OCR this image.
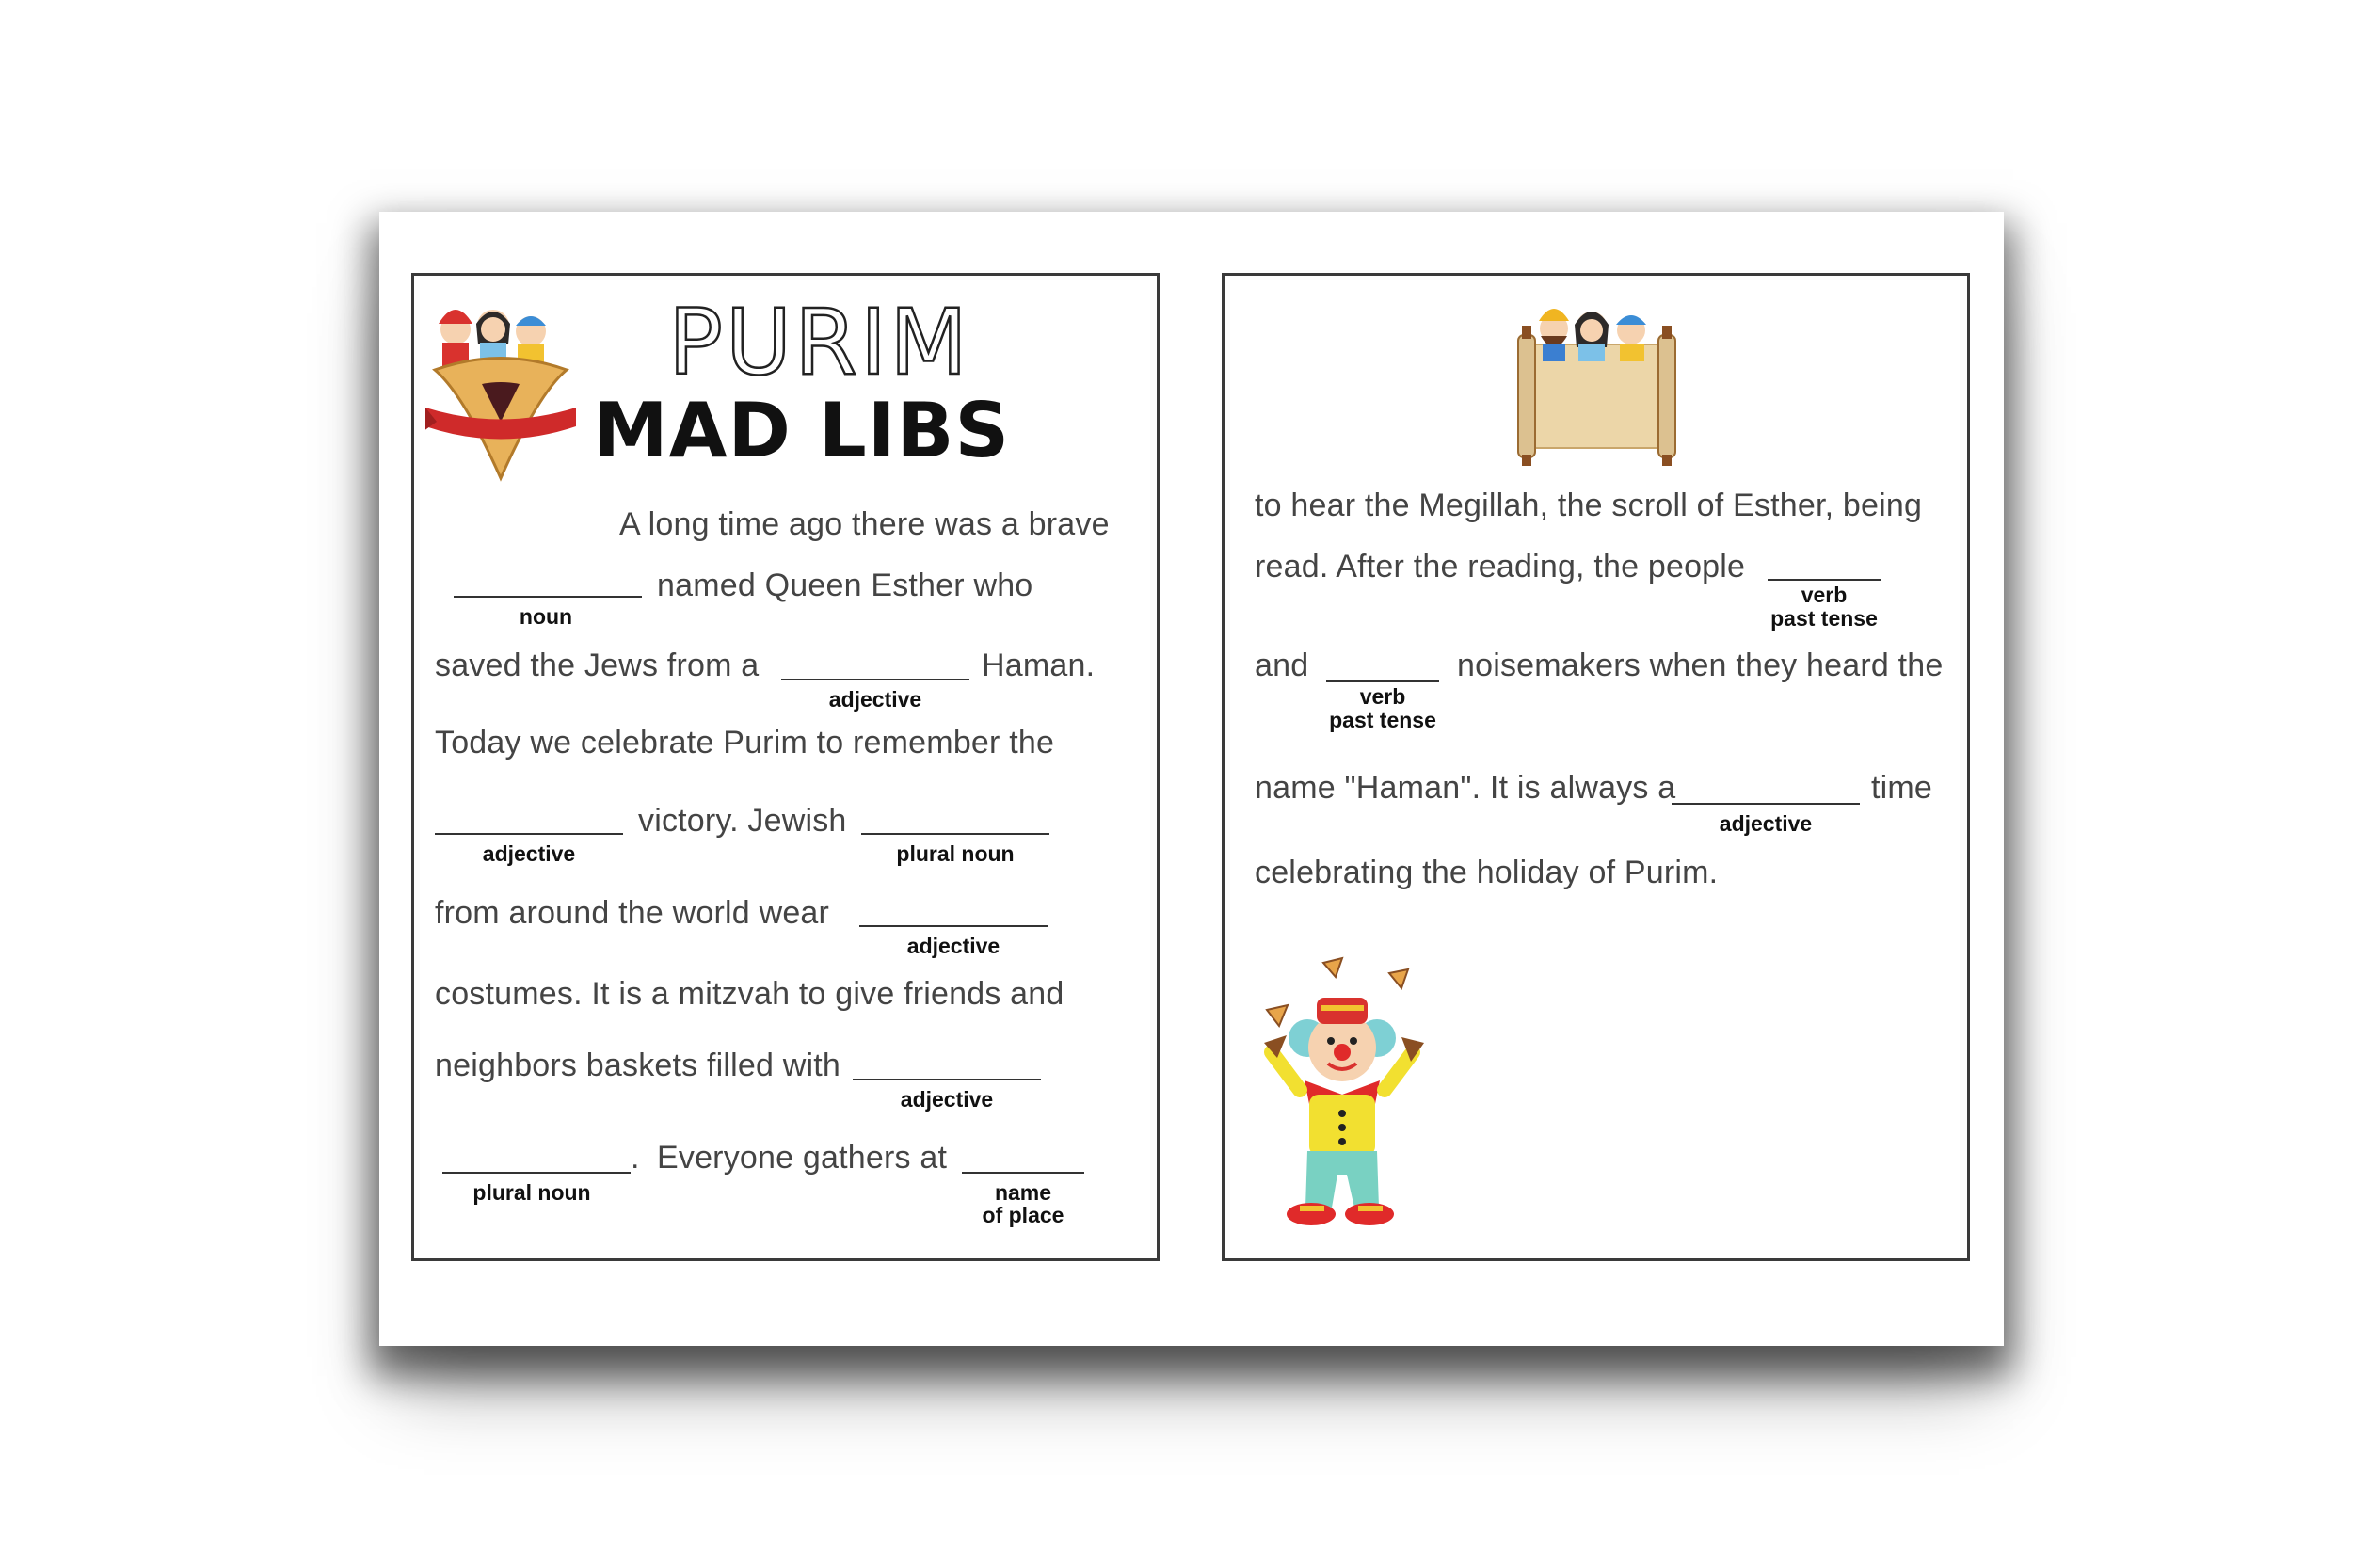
PURIM
MAD LIBS
A long time ago there was a brave
noun
named Queen Esther who
saved the Jews from a
adjective
Haman.
Today we celebrate Purim to remember the
adjective
victory. Jewish
plural noun
from around the world wear
adjective
costumes. It is a mitzvah to give friends and
neighbors baskets filled with
adjective
plural noun
. Everyone gathers at
name
of place
to hear the Megillah, the scroll of Esther, being
read. After the reading, the people
verb
past tense
and
verb
past tense
noisemakers when they heard the
name "Haman". It is always a
adjective
time
celebrating the holiday of Purim.
